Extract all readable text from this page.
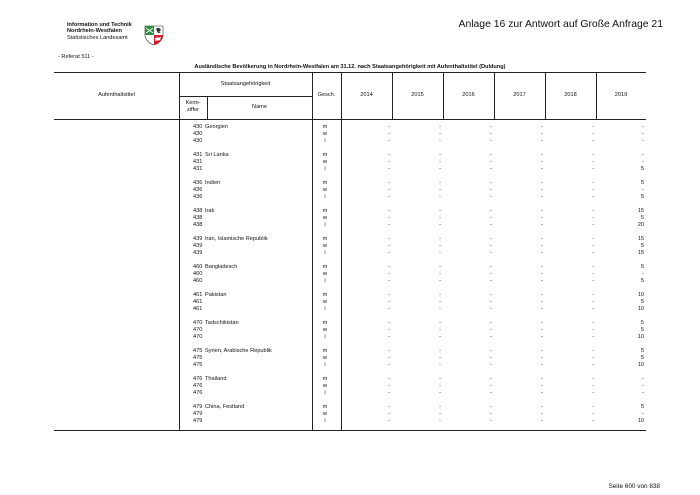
Information und Technik
Nordrhein-Westfalen
Statistisches Landesamt
Anlage 16 zur Antwort auf Große Anfrage 21
- Referat 511 -
Ausländische Bevölkerung in Nordrhein-Westfalen am 31.12. nach Staatsangehörigkeit mit Aufenthaltstitel (Duldung)
Aufenthaltstitel
Staatsangehörigkeit
Kenn-
ziffer	Name
Gesch.	2014	2015	2016	2017	2018	2019
430 Georgien	m	-	-	-	-	-	-
430	w	-	-	-	-	-	-
430	i	-	-	-	-	-	-
431 Sri Lanka	m	-	-	-	-	-	-
431	w	-	-	-	-	-	-
431	i	-	-	-	-	-	5
436 Indien	m	-	-	-	-	-	5
436	w	-	-	-	-	-	-
436	i	-	-	-	-	-	5
438 Irak	m	-	-	-	-	-	15
438	w	-	-	-	-	-	5
438	i	-	-	-	-	-	20
439 Iran, Islamische Republik	m	-	-	-	-	-	15
439	w	-	-	-	-	-	5
439	i	-	-	-	-	-	15
460 Bangladesch	m	-	-	-	-	-	5
460	w	-	-	-	-	-	-
460	i	-	-	-	-	-	5
461 Pakistan	m	-	-	-	-	-	10
461	w	-	-	-	-	-	5
461	i	-	-	-	-	-	10
470 Tadschikistan	m	-	-	-	-	-	5
470	w	-	-	-	-	-	5
470	i	-	-	-	-	-	10
475 Syrien, Arabische Republik	m	-	-	-	-	-	5
475	w	-	-	-	-	-	5
475	i	-	-	-	-	-	10
476 Thailand	m	-	-	-	-	-	-
476	w	-	-	-	-	-	-
476	i	-	-	-	-	-	-
479 China, Festland	m	-	-	-	-	-	5
479	w	-	-	-	-	-	-
479	i	-	-	-	-	-	10
Seite 600 von 838
